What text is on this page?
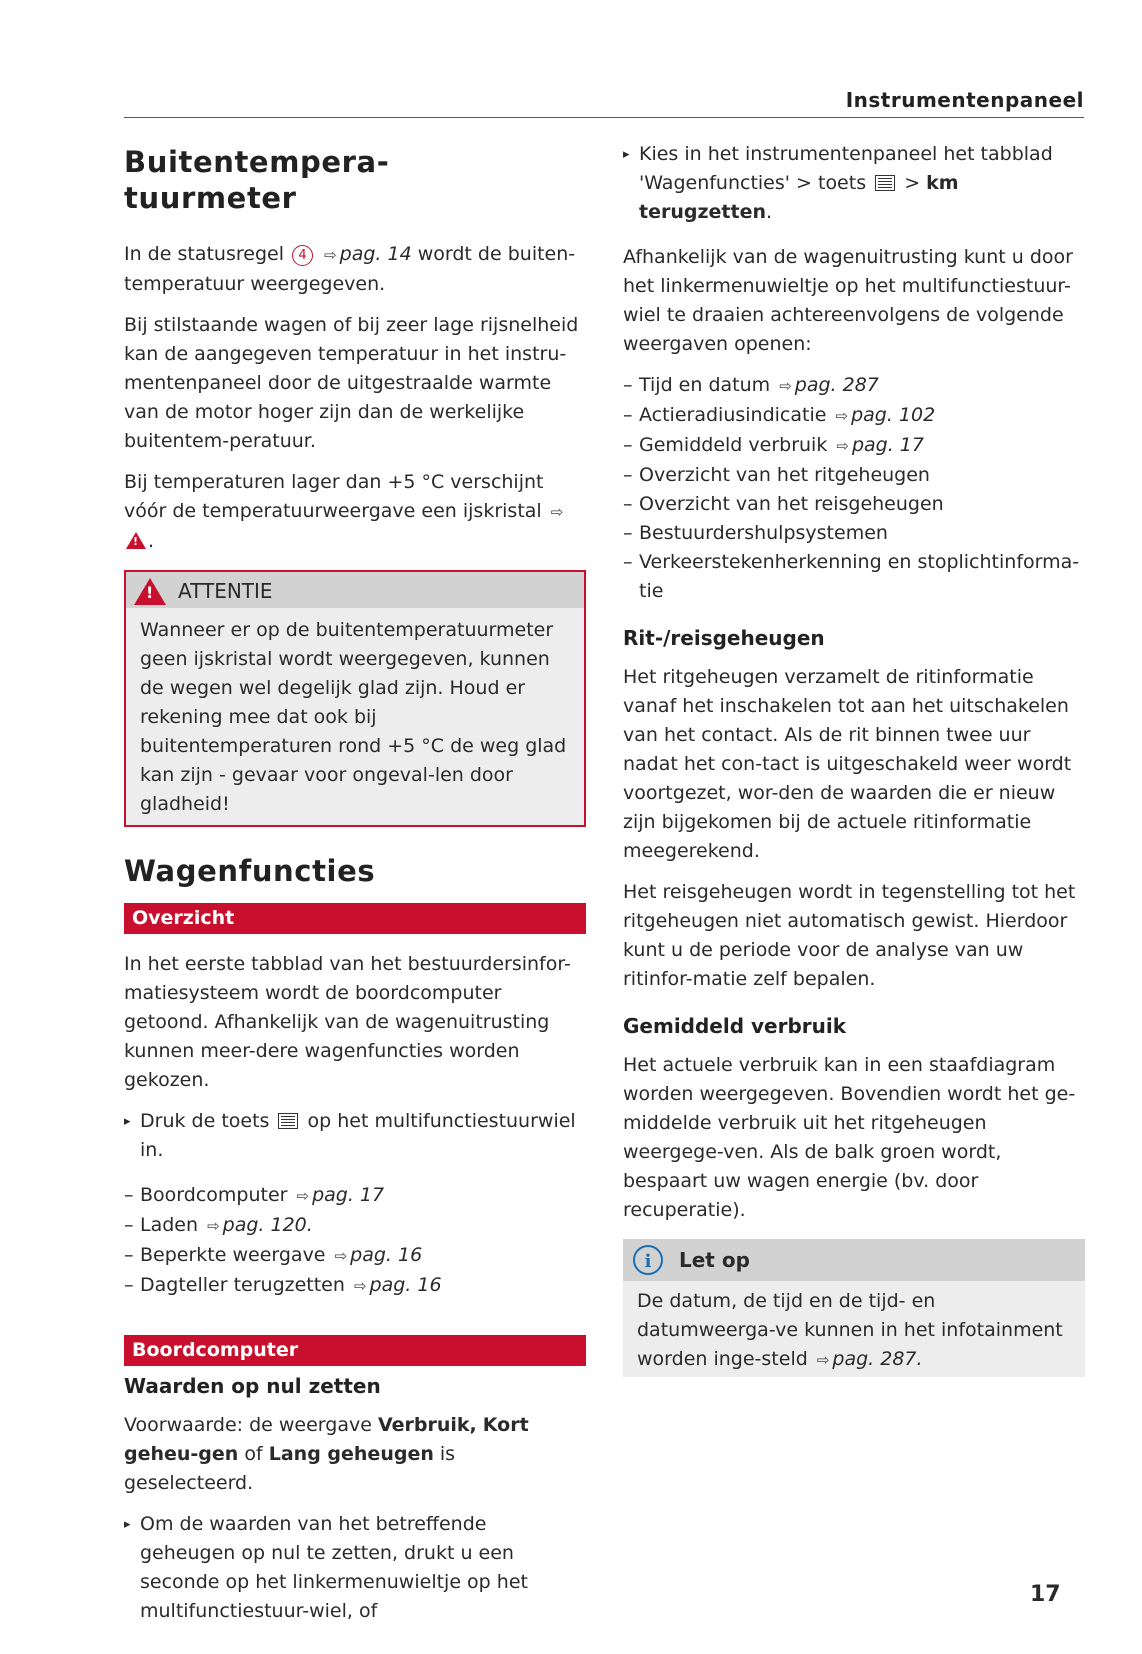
Instrumentenpaneel
Buitentempera-tuurmeter

In de statusregel 4 ⇨ pag. 14 wordt de buiten-temperatuur weergegeven.

Bij stilstaande wagen of bij zeer lage rijsnelheid kan de aangegeven temperatuur in het instru-mentenpaneel door de uitgestraalde warmte van de motor hoger zijn dan de werkelijke buitentem-peratuur.

Bij temperaturen lager dan +5 °C verschijnt vóór de temperatuurweergave een ijskristal ⇨!.

!
ATTENTIE
Wanneer er op de buitentemperatuurmeter geen ijskristal wordt weergegeven, kunnen de wegen wel degelijk glad zijn. Houd er rekening mee dat ook bij buitentemperaturen rond +5 °C de weg glad kan zijn - gevaar voor ongeval-len door gladheid!
Wagenfuncties
Overzicht

In het eerste tabblad van het bestuurdersinfor-matiesysteem wordt de boordcomputer getoond. Afhankelijk van de wagenuitrusting kunnen meer-dere wagenfuncties worden gekozen.

▸ Druk de toets op het multifunctiestuurwiel in.
– Boordcomputer ⇨ pag. 17
– Laden ⇨ pag. 120.
– Beperkte weergave ⇨ pag. 16
– Dagteller terugzetten ⇨ pag. 16
Boordcomputer
Waarden op nul zetten

Voorwaarde: de weergave Verbruik, Kort geheu-gen of Lang geheugen is geselecteerd.

▸ Om de waarden van het betreffende geheugen op nul te zetten, drukt u een seconde op het linkermenuwieltje op het multifunctiestuur-wiel, of
▸ Kies in het instrumentenpaneel het tabblad 'Wagenfuncties' > toets > km terugzetten.

Afhankelijk van de wagenuitrusting kunt u door het linkermenuwieltje op het multifunctiestuur-wiel te draaien achtereenvolgens de volgende weergaven openen:

– Tijd en datum ⇨ pag. 287
– Actieradiusindicatie ⇨ pag. 102
– Gemiddeld verbruik ⇨ pag. 17
– Overzicht van het ritgeheugen
– Overzicht van het reisgeheugen
– Bestuurdershulpsystemen
– Verkeerstekenherkenning en stoplichtinforma-tie
Rit-/reisgeheugen

Het ritgeheugen verzamelt de ritinformatie vanaf het inschakelen tot aan het uitschakelen van het contact. Als de rit binnen twee uur nadat het con-tact is uitgeschakeld weer wordt voortgezet, wor-den de waarden die er nieuw zijn bijgekomen bij de actuele ritinformatie meegerekend.

Het reisgeheugen wordt in tegenstelling tot het ritgeheugen niet automatisch gewist. Hierdoor kunt u de periode voor de analyse van uw ritinfor-matie zelf bepalen.

Gemiddeld verbruik

Het actuele verbruik kan in een staafdiagram worden weergegeven. Bovendien wordt het ge-middelde verbruik uit het ritgeheugen weergege-ven. Als de balk groen wordt, bespaart uw wagen energie (bv. door recuperatie).

i	Let op
De datum, de tijd en de tijd- en datumweerga-ve kunnen in het infotainment worden inge-steld ⇨ pag. 287.
17
